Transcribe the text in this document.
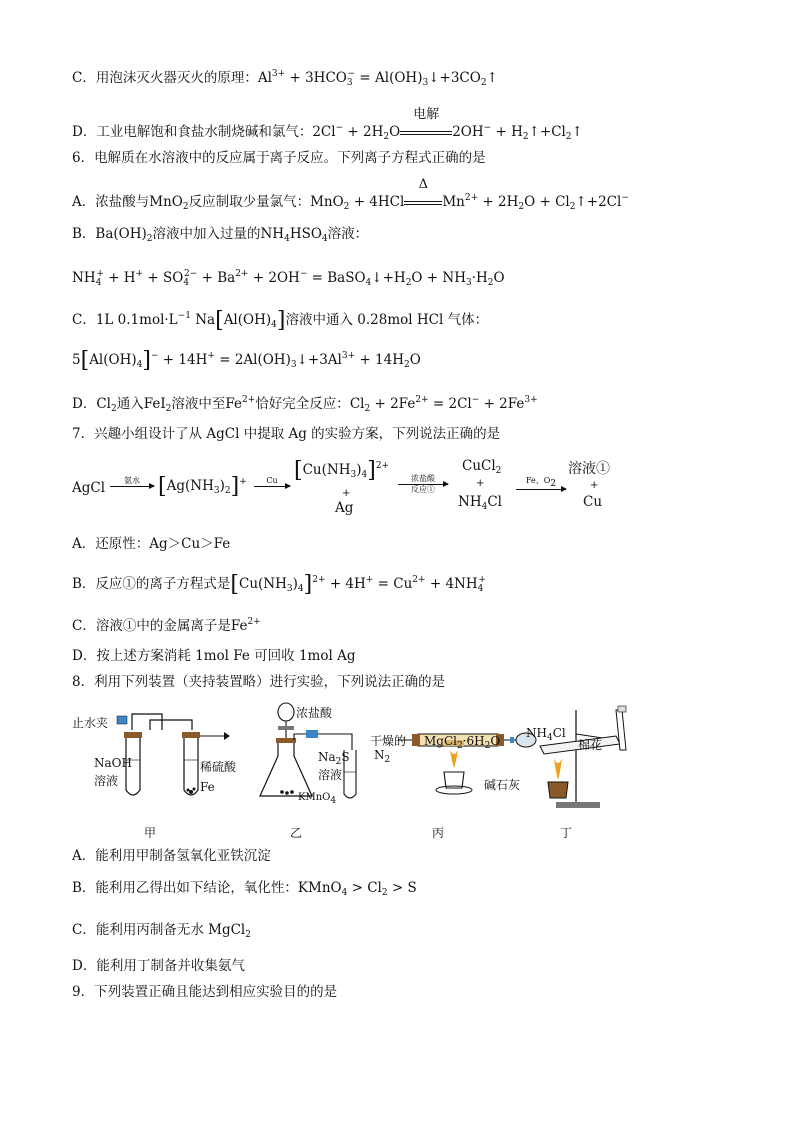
C．用泡沫灭火器灭火的原理：$Al^{3+} + 3HCO_3^-$ = $Al(OH)_3↓+3CO_2↑$
D．工业电解饱和食盐水制烧碱和氯气：$2Cl^- + 2H_2O$
电解
$2OH^- + H_2↑+Cl_2↑$
6．电解质在水溶液中的反应属于离子反应。下列离子方程式正确的是
A．浓盐酸与MnO$_2$反应制取少量氯气：MnO$_2$ + 4HCl
Δ
$Mn^{2+} + 2H_2O$ + $Cl_2↑+2Cl^-$
B．$Ba(OH)_2$溶液中加入过量的$NH_4HSO_4$溶液：
$NH_4^+ + H^+ + SO_4^{2-} + Ba^{2+} + 2OH^-$ = $BaSO_4↓+H_2O + NH_3\cdot H_2O$
C．1L $0.1mol\cdot L^{-1}$ $Na[Al(OH)_4]$溶液中通入 0.28mol HCl 气体：
$5[Al(OH)_4]^- + 14H^+$ = $2Al(OH)_3↓+3Al^{3+} + 14H_2O$
D．$Cl_2$通入FeI$_2$溶液中至$Fe^{2+}$恰好完全反应：$Cl_2 + 2Fe^{2+} = 2Cl^- + 2Fe^{3+}$
7．兴趣小组设计了从 AgCl 中提取 Ag 的实验方案，下列说法正确的是
AgCl	氨水 $[Ag(NH_3)_2]^+$	Cu $[Cu(NH_3)_4]^{2+}$
+
Ag
浓盐酸
反应①
CuCl$_2$
+
$NH_4Cl$
Fe、$O_2$
溶液①
+
Cu
A．还原性：Ag＞Cu＞Fe
B．反应①的离子方程式是$[Cu(NH_3)_4]^{2+} + 4H^+ = Cu^{2+} + 4NH_4^+$
C．溶液①中的金属离子是$Fe^{2+}$
D．按上述方案消耗 1mol Fe 可回收 1mol Ag
8．利用下列装置（夹持装置略）进行实验，下列说法正确的是
止水夹
NaOH
溶液
稀硫酸
Fe
甲
浓盐酸
$Na_2S$
溶液
KMnO$_4$
乙
干燥的
$N_2$
$MgCl_2\cdot 6H_2O$
碱石灰
丙
$NH_4Cl$
棉花
丁
A．能利用甲制备氢氧化亚铁沉淀
B．能利用乙得出如下结论，氧化性：KMnO$_4$ > $Cl_2 > S$
C．能利用丙制备无水 MgCl$_2$
D．能利用丁制备并收集氨气
9．下列装置正确且能达到相应实验目的的是
